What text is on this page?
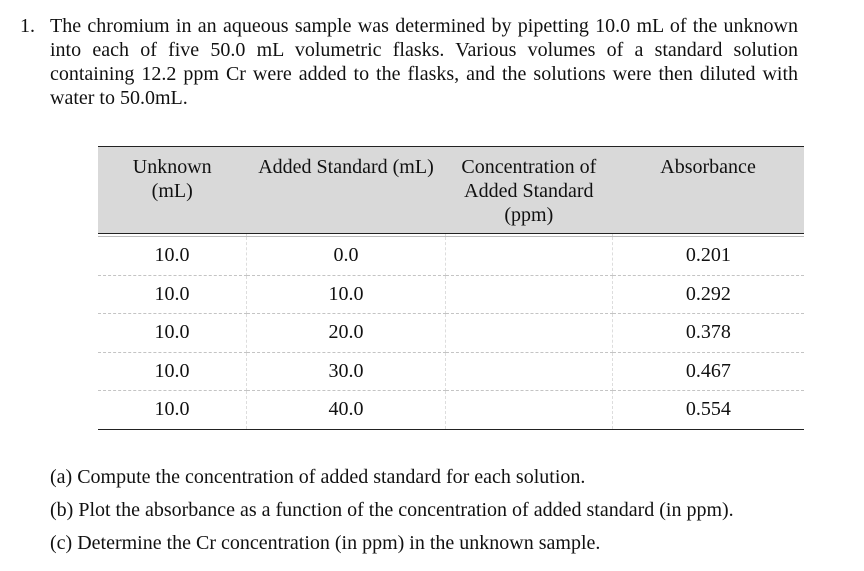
1. The chromium in an aqueous sample was determined by pipetting 10.0 mL of the unknown into each of five 50.0 mL volumetric flasks. Various volumes of a standard solution containing 12.2 ppm Cr were added to the flasks, and the solutions were then diluted with water to 50.0mL.

Unknown (mL)	Added Standard (mL)	Concentration of Added Standard (ppm)	Absorbance

10.0	0.0		0.201
10.0	10.0		0.292
10.0	20.0		0.378
10.0	30.0		0.467
10.0	40.0		0.554

(a) Compute the concentration of added standard for each solution.

(b) Plot the absorbance as a function of the concentration of added standard (in ppm).

(c) Determine the Cr concentration (in ppm) in the unknown sample.
